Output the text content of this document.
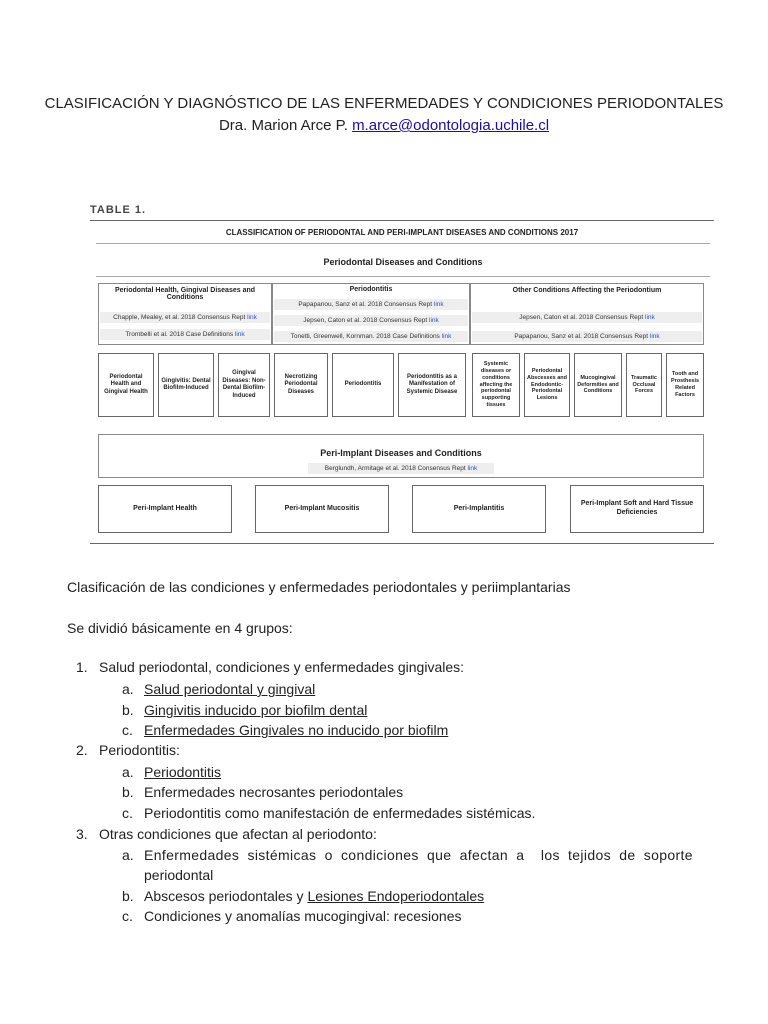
CLASIFICACIÓN Y DIAGNÓSTICO DE LAS ENFERMEDADES Y CONDICIONES PERIODONTALES
Dra. Marion Arce P. m.arce@odontologia.uchile.cl
TABLE 1.
CLASSIFICATION OF PERIODONTAL AND PERI-IMPLANT DISEASES AND CONDITIONS 2017
Periodontal Diseases and Conditions
Periodontal Health, Gingival Diseases and Conditions
Chapple, Mealey, et al. 2018 Consensus Rept link
Trombelli et al. 2018 Case Definitions link
Periodontitis
Papapanou, Sanz et al. 2018 Consensus Rept link
Jepsen, Caton et al. 2018 Consensus Rept link
Tonetti, Greenwell, Kornman. 2018 Case Definitions link
Other Conditions Affecting the Periodontium
Jepsen, Caton et al. 2018 Consensus Rept link
Papapanou, Sanz et al. 2018 Consensus Rept link
Periodontal Health and Gingival Health
Gingivitis: Dental Biofilm-Induced
Gingival Diseases: Non-Dental Biofilm-Induced
Necrotizing Periodontal Diseases
Periodontitis
Periodontitis as a Manifestation of Systemic Disease
Systemic diseases or conditions affecting the periodontal supporting tissues
Periodontal Abscesses and Endodontic-Periodontal Lesions
Mucogingival Deformities and Conditions
Traumatic Occlusal Forces
Tooth and Prosthesis Related Factors
Peri-Implant Diseases and Conditions
Berglundh, Armitage et al. 2018 Consensus Rept link
Peri-Implant Health	Peri-Implant Mucositis	Peri-Implantitis
Peri-Implant Soft and Hard Tissue Deficiencies
Clasificación de las condiciones y enfermedades periodontales y periimplantarias
Se dividió básicamente en 4 grupos:
1. Salud periodontal, condiciones y enfermedades gingivales:
a. Salud periodontal y gingival
b. Gingivitis inducido por biofilm dental
c. Enfermedades Gingivales no inducido por biofilm
2. Periodontitis:
a. Periodontitis
b. Enfermedades necrosantes periodontales
c. Periodontitis como manifestación de enfermedades sistémicas.
3. Otras condiciones que afectan al periodonto:
a. Enfermedades sistémicas o condiciones que afectan a  los tejidos de soporte
periodontal
b. Abscesos periodontales y Lesiones Endoperiodontales
c. Condiciones y anomalías mucogingival: recesiones
